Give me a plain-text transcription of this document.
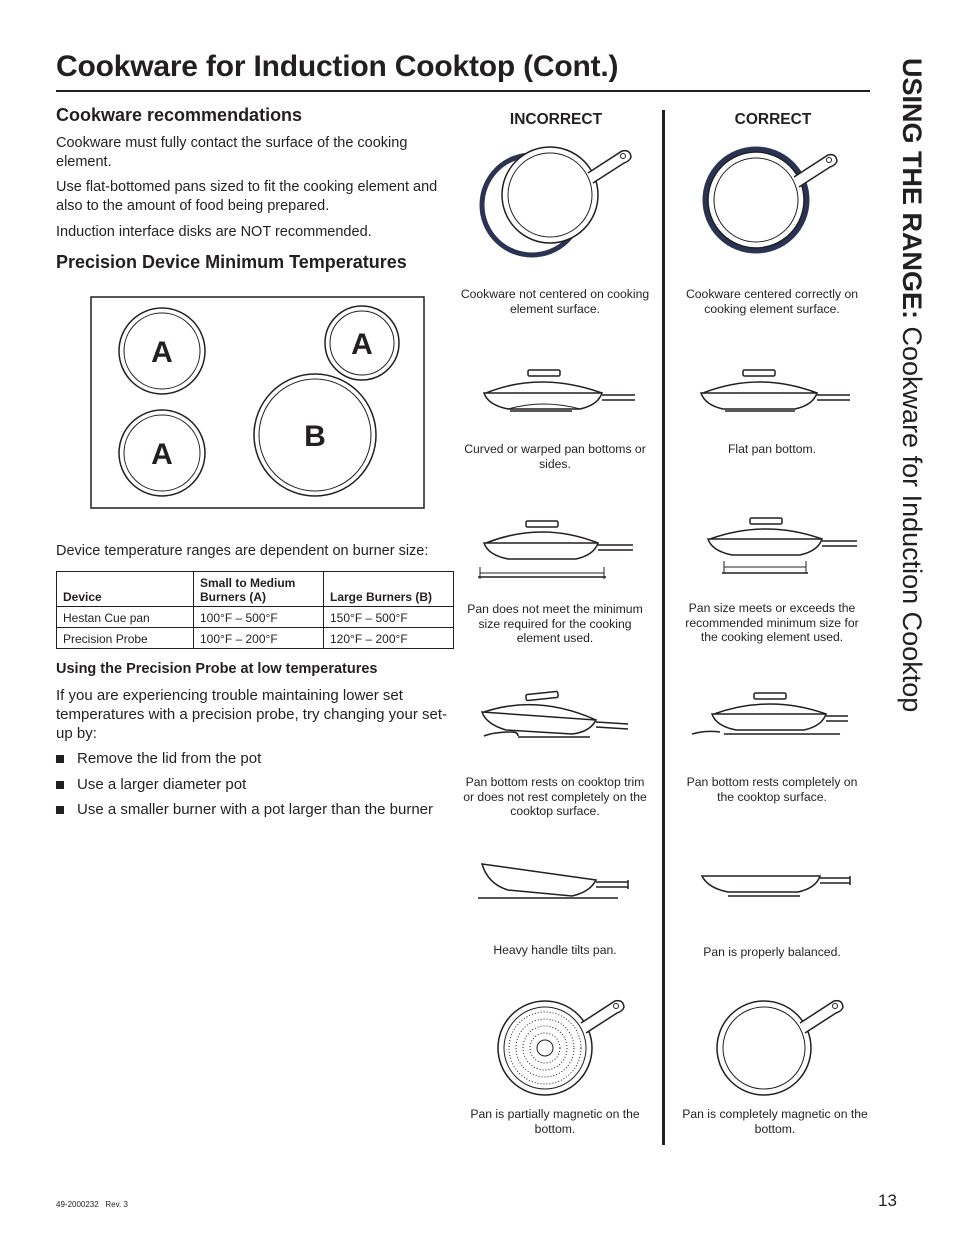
Cookware for Induction Cooktop (Cont.)	USING THE RANGE: Cookware for Induction Cooktop
Cookware recommendations

Cookware must fully contact the surface of the cooking element.

Use flat-bottomed pans sized to fit the cooking element and also to the amount of food being prepared.

Induction interface disks are NOT recommended.

Precision Device Minimum Temperatures
A	A
A
B

Device temperature ranges are dependent on burner size:

Device	Small to Medium Burners (A)	Large Burners (B)
Hestan Cue pan	100°F – 500°F	150°F – 500°F
Precision Probe	100°F – 200°F	120°F – 200°F
Using the Precision Probe at low temperatures

If you are experiencing trouble maintaining lower set temperatures with a precision probe, try changing your set-up by:

Remove the lid from the pot
Use a larger diameter pot
Use a smaller burner with a pot larger than the burner
INCORRECT	CORRECT
Cookware not centered on cooking element surface.
Cookware centered correctly on cooking element surface.
Curved or warped pan bottoms or sides.
Flat pan bottom.
Pan does not meet the minimum size required for the cooking element used.
Pan size meets or exceeds the recommended minimum size for the cooking element used.
Pan bottom rests on cooktop trim or does not rest completely on the cooktop surface.
Pan bottom rests completely on the cooktop surface.
Heavy handle tilts pan.	Pan is properly balanced.
Pan is partially magnetic on the bottom.
Pan is completely magnetic on the bottom.
49-2000232   Rev. 3	13
